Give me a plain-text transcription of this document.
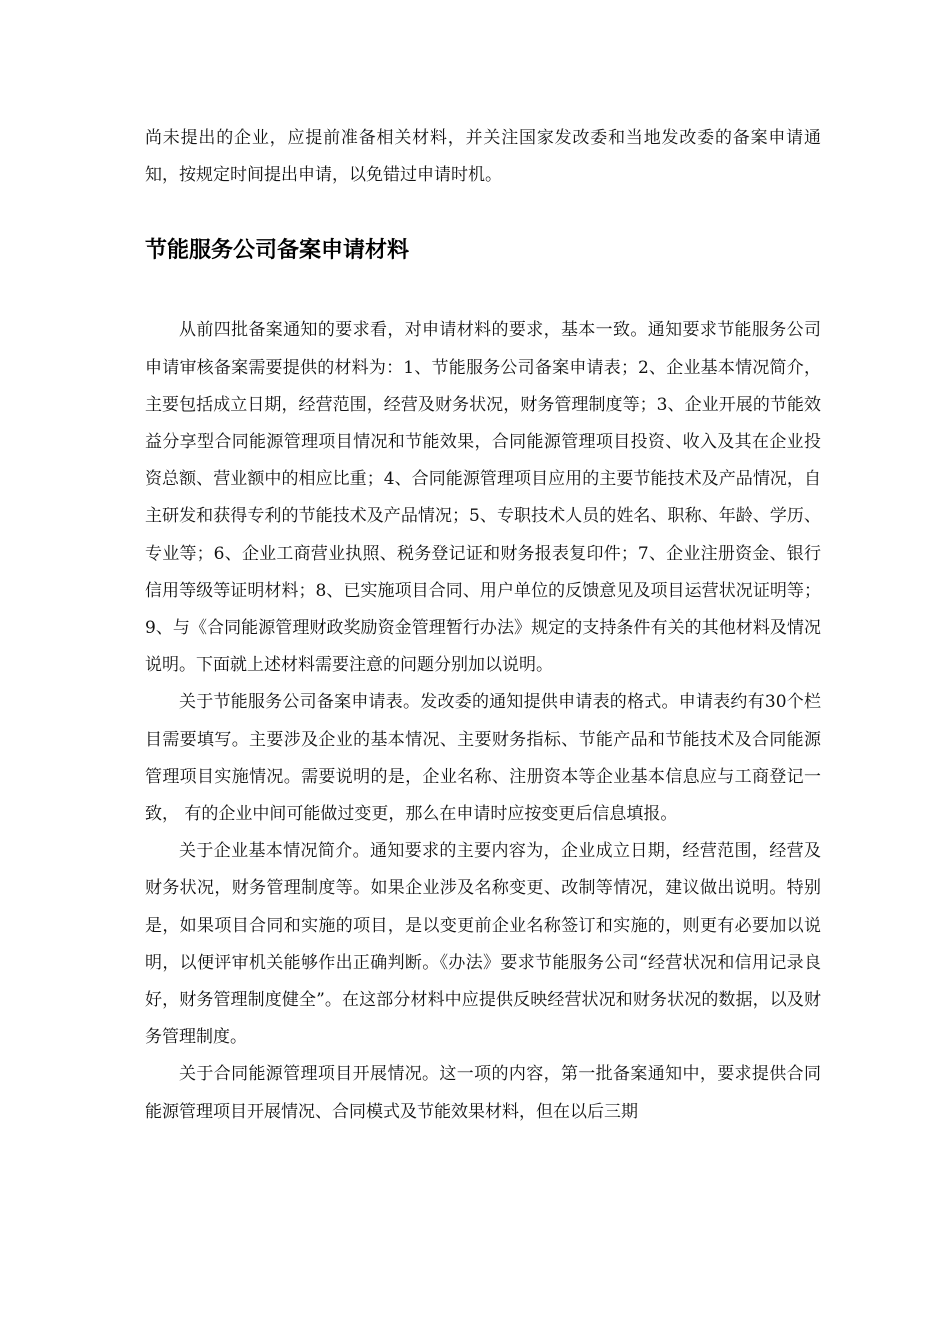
尚未提出的企业，应提前准备相关材料，并关注国家发改委和当地发改委的备案申请通知，按规定时间提出申请，以免错过申请时机。

节能服务公司备案申请材料

从前四批备案通知的要求看，对申请材料的要求，基本一致。通知要求节能服务公司申请审核备案需要提供的材料为：1、节能服务公司备案申请表；2、企业基本情况简介，主要包括成立日期，经营范围，经营及财务状况，财务管理制度等；3、企业开展的节能效益分享型合同能源管理项目情况和节能效果，合同能源管理项目投资、收入及其在企业投资总额、营业额中的相应比重；4、合同能源管理项目应用的主要节能技术及产品情况，自主研发和获得专利的节能技术及产品情况；5、专职技术人员的姓名、职称、年龄、学历、专业等；6、企业工商营业执照、税务登记证和财务报表复印件；7、企业注册资金、银行信用等级等证明材料；8、已实施项目合同、用户单位的反馈意见及项目运营状况证明等；9、与《合同能源管理财政奖励资金管理暂行办法》规定的支持条件有关的其他材料及情况说明。下面就上述材料需要注意的问题分别加以说明。

关于节能服务公司备案申请表。发改委的通知提供申请表的格式。申请表约有30个栏目需要填写。主要涉及企业的基本情况、主要财务指标、节能产品和节能技术及合同能源管理项目实施情况。需要说明的是，企业名称、注册资本等企业基本信息应与工商登记一致， 有的企业中间可能做过变更，那么在申请时应按变更后信息填报。

关于企业基本情况简介。通知要求的主要内容为，企业成立日期，经营范围，经营及财务状况，财务管理制度等。如果企业涉及名称变更、改制等情况，建议做出说明。特别是，如果项目合同和实施的项目，是以变更前企业名称签订和实施的，则更有必要加以说明，以便评审机关能够作出正确判断。《办法》要求节能服务公司“经营状况和信用记录良好，财务管理制度健全”。在这部分材料中应提供反映经营状况和财务状况的数据，以及财务管理制度。

关于合同能源管理项目开展情况。这一项的内容，第一批备案通知中，要求提供合同能源管理项目开展情况、合同模式及节能效果材料，但在以后三期
